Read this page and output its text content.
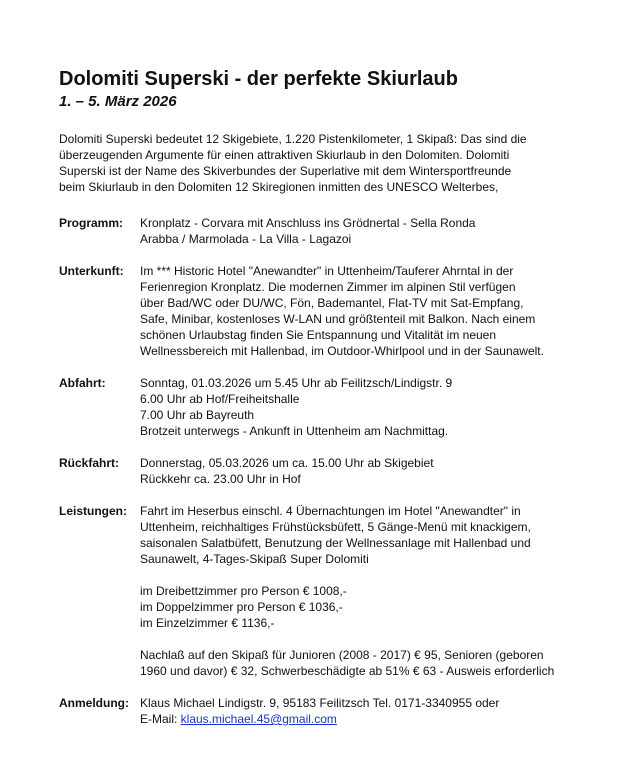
Dolomiti Superski - der perfekte Skiurlaub

1. – 5. März 2026

Dolomiti Superski bedeutet 12 Skigebiete, 1.220 Pistenkilometer, 1 Skipaß: Das sind die
überzeugenden Argumente für einen attraktiven Skiurlaub in den Dolomiten. Dolomiti
Superski ist der Name des Skiverbundes der Superlative mit dem Wintersportfreunde
beim Skiurlaub in den Dolomiten 12 Skiregionen inmitten des UNESCO Welterbes,
Programm: Kronplatz - Corvara mit Anschluss ins Grödnertal - Sella Ronda
Arabba / Marmolada - La Villa - Lagazoi
Unterkunft: Im *** Historic Hotel "Anewandter" in Uttenheim/Tauferer Ahrntal in der
Ferienregion Kronplatz. Die modernen Zimmer im alpinen Stil verfügen
über Bad/WC oder DU/WC, Fön, Bademantel, Flat-TV mit Sat-Empfang,
Safe, Minibar, kostenloses W-LAN und größtenteil mit Balkon. Nach einem
schönen Urlaubstag finden Sie Entspannung und Vitalität im neuen
Wellnessbereich mit Hallenbad, im Outdoor-Whirlpool und in der Saunawelt.
Abfahrt:	Sonntag, 01.03.2026 um 5.45 Uhr ab Feilitzsch/Lindigstr. 9
6.00 Uhr ab Hof/Freiheitshalle
7.00 Uhr ab Bayreuth
Brotzeit unterwegs - Ankunft in Uttenheim am Nachmittag.
Rückfahrt: Donnerstag, 05.03.2026 um ca. 15.00 Uhr ab Skigebiet
Rückkehr ca. 23.00 Uhr in Hof
Leistungen: Fahrt im Heserbus einschl. 4 Übernachtungen im Hotel "Anewandter" in
Uttenheim, reichhaltiges Frühstücksbüfett, 5 Gänge-Menü mit knackigem,
saisonalen Salatbüfett, Benutzung der Wellnessanlage mit Hallenbad und
Saunawelt, 4-Tages-Skipaß Super Dolomiti
im Dreibettzimmer pro Person € 1008,-
im Doppelzimmer pro Person € 1036,-
im Einzelzimmer € 1136,-
Nachlaß auf den Skipaß für Junioren (2008 - 2017) € 95, Senioren (geboren
1960 und davor) € 32, Schwerbeschädigte ab 51% € 63 - Ausweis erforderlich
Anmeldung: Klaus Michael Lindigstr. 9, 95183 Feilitzsch Tel. 0171-3340955 oder
E-Mail: klaus.michael.45@gmail.com
